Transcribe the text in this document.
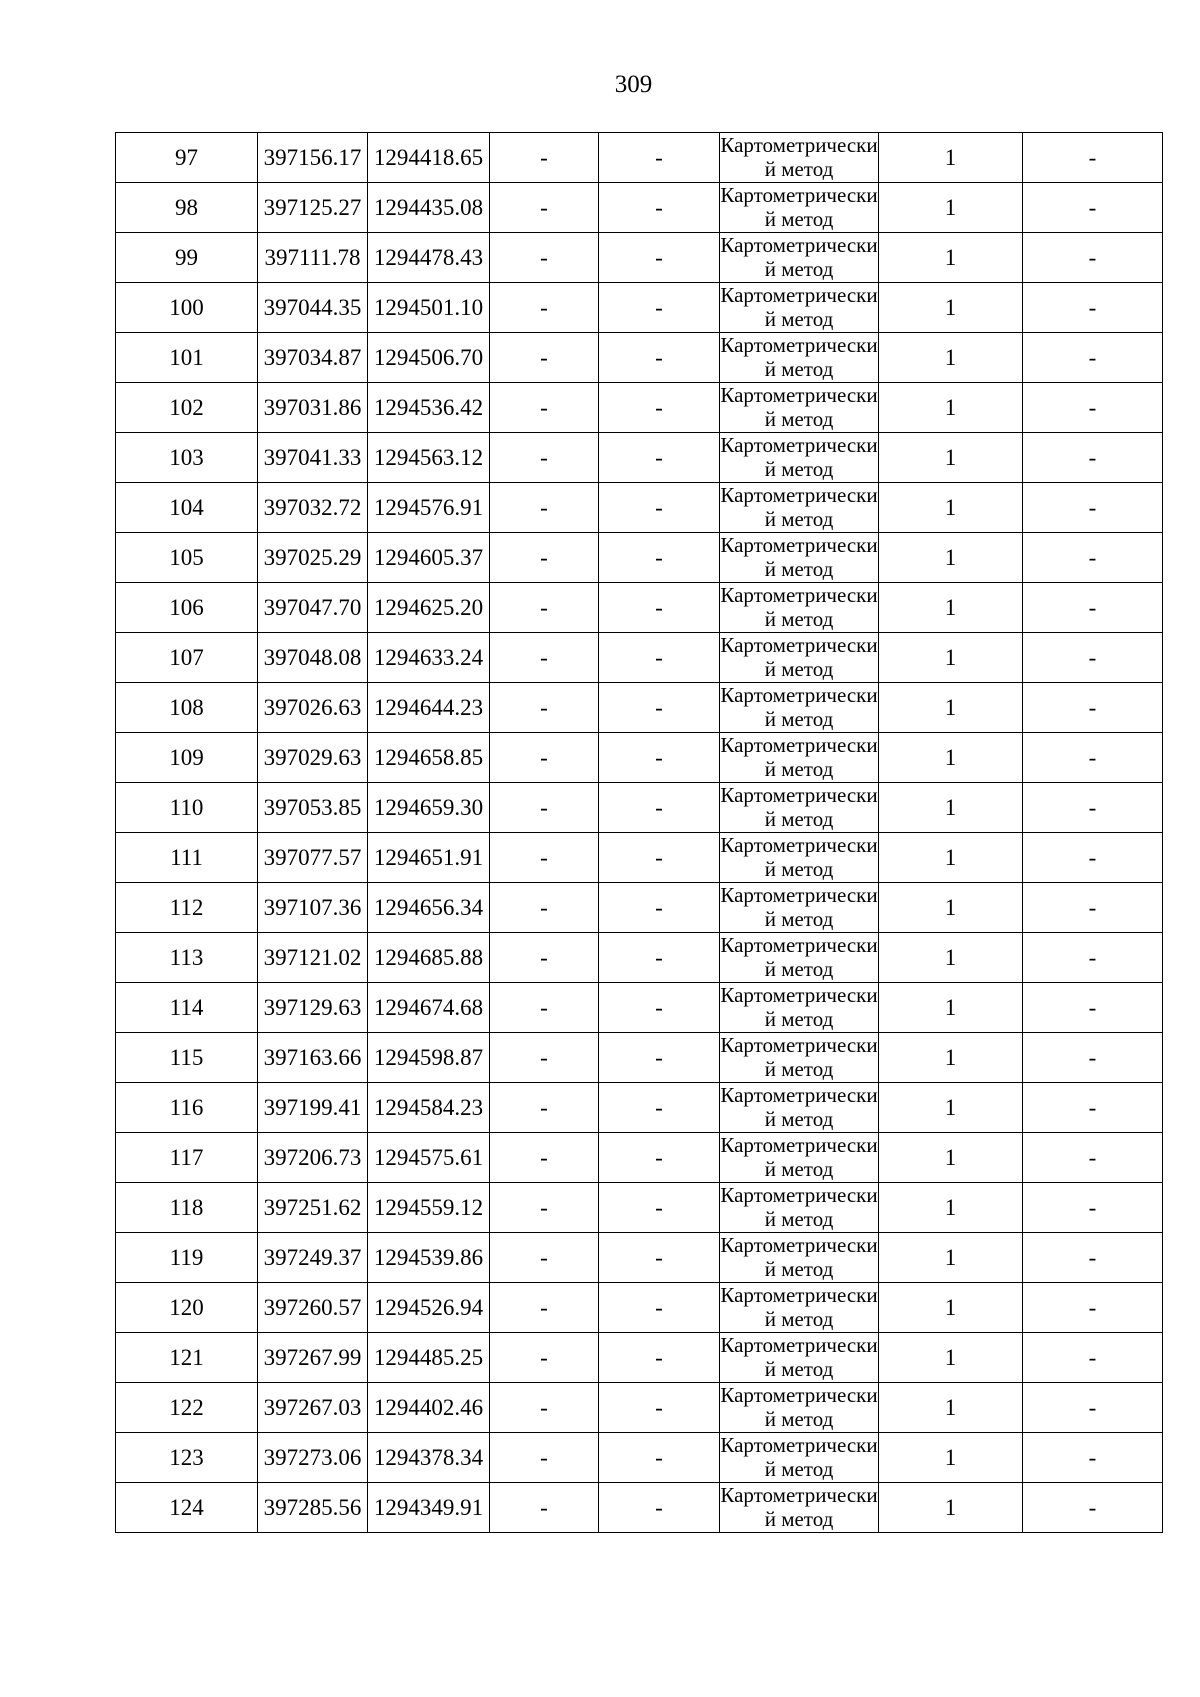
309
97	397156.17	1294418.65	-	-	Картометрический метод	1	-
98	397125.27	1294435.08	-	-	Картометрический метод	1	-
99	397111.78	1294478.43	-	-	Картометрический метод	1	-
100	397044.35	1294501.10	-	-	Картометрический метод	1	-
101	397034.87	1294506.70	-	-	Картометрический метод	1	-
102	397031.86	1294536.42	-	-	Картометрический метод	1	-
103	397041.33	1294563.12	-	-	Картометрический метод	1	-
104	397032.72	1294576.91	-	-	Картометрический метод	1	-
105	397025.29	1294605.37	-	-	Картометрический метод	1	-
106	397047.70	1294625.20	-	-	Картометрический метод	1	-
107	397048.08	1294633.24	-	-	Картометрический метод	1	-
108	397026.63	1294644.23	-	-	Картометрический метод	1	-
109	397029.63	1294658.85	-	-	Картометрический метод	1	-
110	397053.85	1294659.30	-	-	Картометрический метод	1	-
111	397077.57	1294651.91	-	-	Картометрический метод	1	-
112	397107.36	1294656.34	-	-	Картометрический метод	1	-
113	397121.02	1294685.88	-	-	Картометрический метод	1	-
114	397129.63	1294674.68	-	-	Картометрический метод	1	-
115	397163.66	1294598.87	-	-	Картометрический метод	1	-
116	397199.41	1294584.23	-	-	Картометрический метод	1	-
117	397206.73	1294575.61	-	-	Картометрический метод	1	-
118	397251.62	1294559.12	-	-	Картометрический метод	1	-
119	397249.37	1294539.86	-	-	Картометрический метод	1	-
120	397260.57	1294526.94	-	-	Картометрический метод	1	-
121	397267.99	1294485.25	-	-	Картометрический метод	1	-
122	397267.03	1294402.46	-	-	Картометрический метод	1	-
123	397273.06	1294378.34	-	-	Картометрический метод	1	-
124	397285.56	1294349.91	-	-	Картометрический метод	1	-
